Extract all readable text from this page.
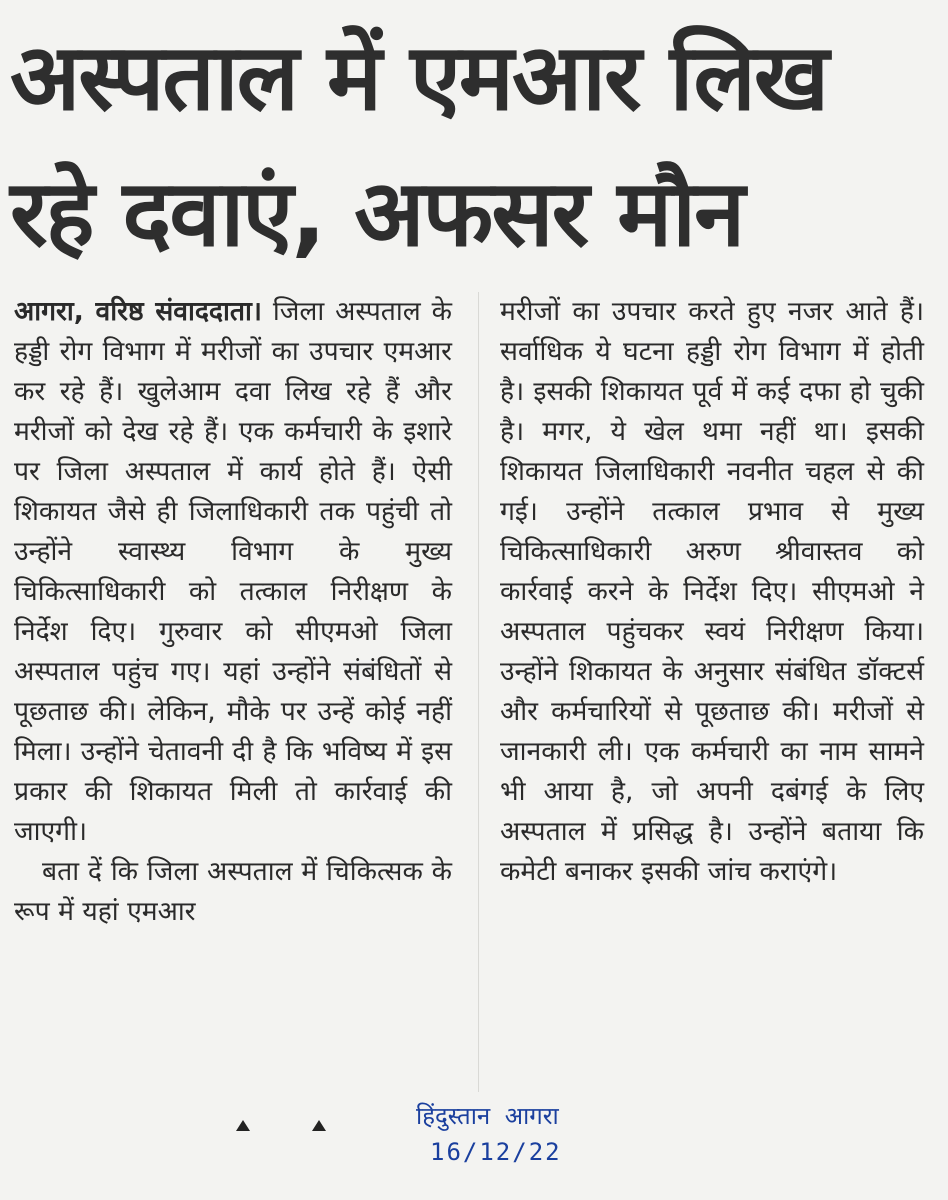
अस्पताल में एमआर लिख
रहे दवाएं, अफसर मौन

आगरा, वरिष्ठ संवाददाता। जिला अस्पताल के हड्डी रोग विभाग में मरीजों का उपचार एमआर कर रहे हैं। खुलेआम दवा लिख रहे हैं और मरीजों को देख रहे हैं। एक कर्मचारी के इशारे पर जिला अस्पताल में कार्य होते हैं। ऐसी शिकायत जैसे ही जिलाधिकारी तक पहुंची तो उन्होंने स्वास्थ्य विभाग के मुख्य चिकित्साधिकारी को तत्काल निरीक्षण के निर्देश दिए। गुरुवार को सीएमओ जिला अस्पताल पहुंच गए। यहां उन्होंने संबंधितों से पूछताछ की। लेकिन, मौके पर उन्हें कोई नहीं मिला। उन्होंने चेतावनी दी है कि भविष्य में इस प्रकार की शिकायत मिली तो कार्रवाई की जाएगी।

बता दें कि जिला अस्पताल में चिकित्सक के रूप में यहां एमआर

मरीजों का उपचार करते हुए नजर आते हैं। सर्वाधिक ये घटना हड्डी रोग विभाग में होती है। इसकी शिकायत पूर्व में कई दफा हो चुकी है। मगर, ये खेल थमा नहीं था। इसकी शिकायत जिलाधिकारी नवनीत चहल से की गई। उन्होंने तत्काल प्रभाव से मुख्य चिकित्साधिकारी अरुण श्रीवास्तव को कार्रवाई करने के निर्देश दिए। सीएमओ ने अस्पताल पहुंचकर स्वयं निरीक्षण किया। उन्होंने शिकायत के अनुसार संबंधित डॉक्टर्स और कर्मचारियों से पूछताछ की। मरीजों से जानकारी ली। एक कर्मचारी का नाम सामने भी आया है, जो अपनी दबंगई के लिए अस्पताल में प्रसिद्ध है। उन्होंने बताया कि कमेटी बनाकर इसकी जांच कराएंगे।

हिंदुस्तान आगरा
16/12/22
